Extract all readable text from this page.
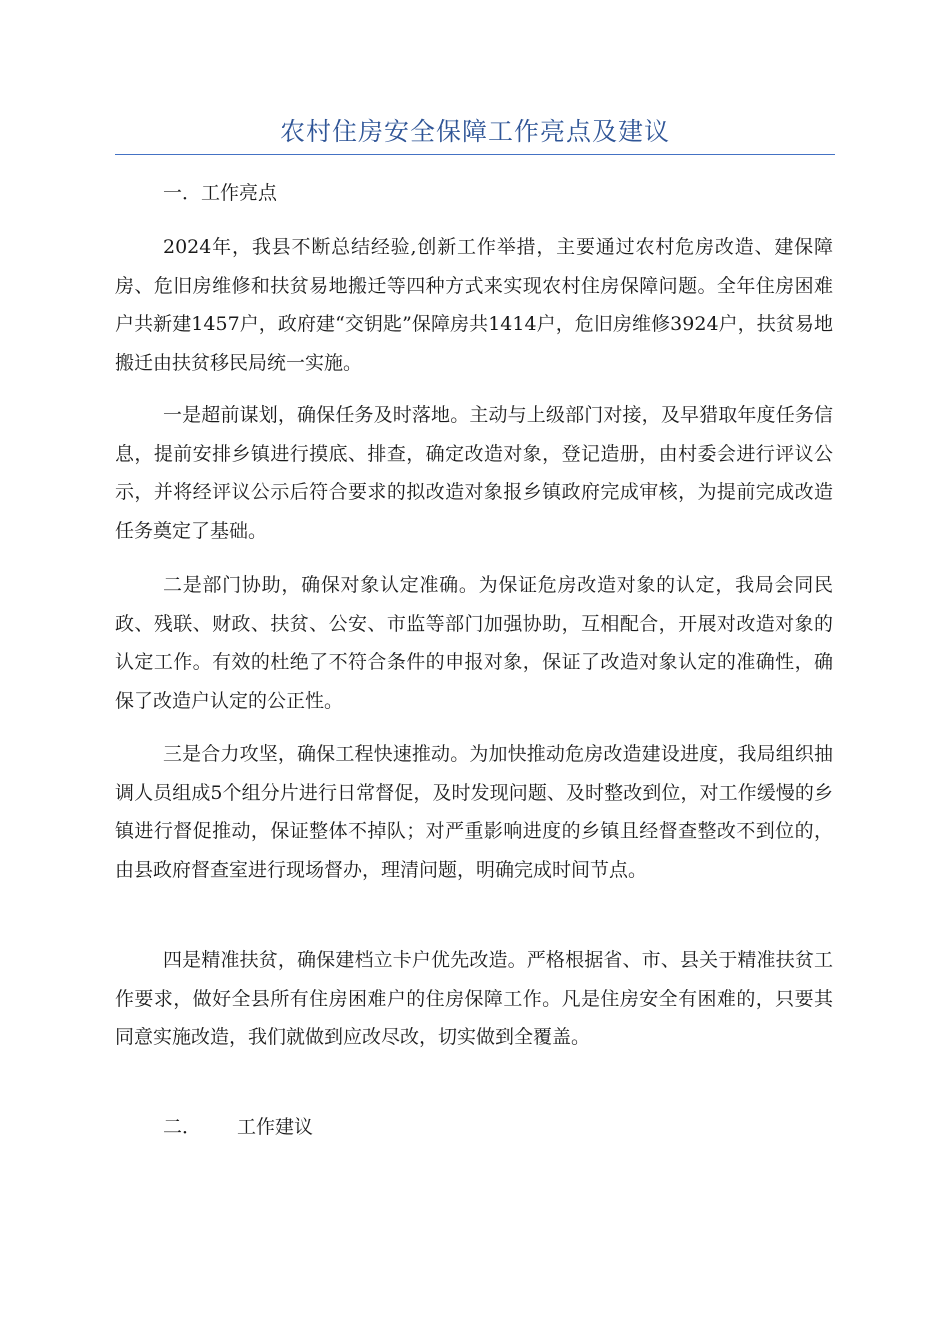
农村住房安全保障工作亮点及建议
一．工作亮点

2024年，我县不断总结经验,创新工作举措，主要通过农村危房改造、建保障房、危旧房维修和扶贫易地搬迁等四种方式来实现农村住房保障问题。全年住房困难户共新建1457户，政府建“交钥匙”保障房共1414户，危旧房维修3924户，扶贫易地搬迁由扶贫移民局统一实施。

一是超前谋划，确保任务及时落地。主动与上级部门对接，及早猎取年度任务信息，提前安排乡镇进行摸底、排查，确定改造对象，登记造册，由村委会进行评议公示，并将经评议公示后符合要求的拟改造对象报乡镇政府完成审核，为提前完成改造任务奠定了基础。

二是部门协助，确保对象认定准确。为保证危房改造对象的认定，我局会同民政、残联、财政、扶贫、公安、市监等部门加强协助，互相配合，开展对改造对象的认定工作。有效的杜绝了不符合条件的申报对象，保证了改造对象认定的准确性，确保了改造户认定的公正性。

三是合力攻坚，确保工程快速推动。为加快推动危房改造建设进度，我局组织抽调人员组成5个组分片进行日常督促，及时发现问题、及时整改到位，对工作缓慢的乡镇进行督促推动，保证整体不掉队；对严重影响进度的乡镇且经督查整改不到位的，由县政府督查室进行现场督办，理清问题，明确完成时间节点。

四是精准扶贫，确保建档立卡户优先改造。严格根据省、市、县关于精准扶贫工作要求，做好全县所有住房困难户的住房保障工作。凡是住房安全有困难的，只要其同意实施改造，我们就做到应改尽改，切实做到全覆盖。

二． 工作建议
